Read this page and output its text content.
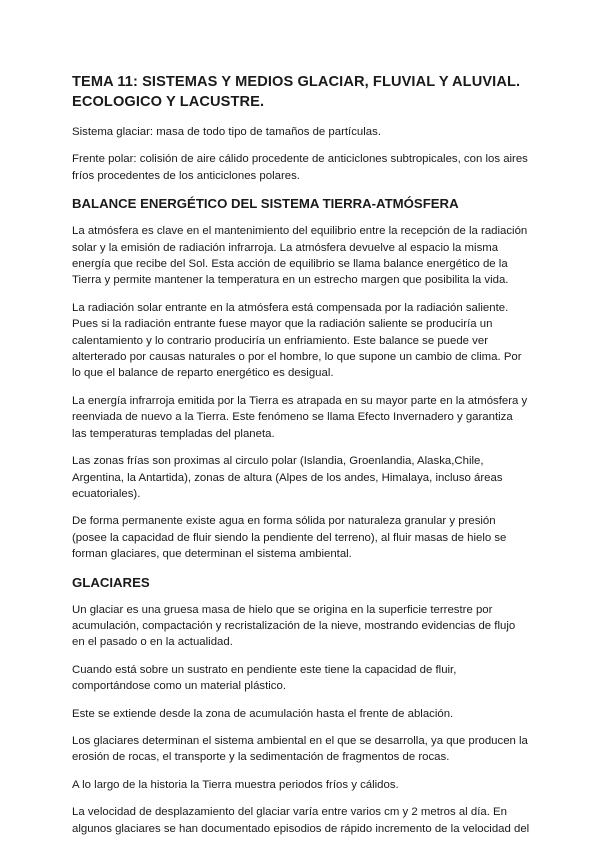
TEMA 11: SISTEMAS Y MEDIOS GLACIAR, FLUVIAL Y ALUVIAL. ECOLOGICO Y LACUSTRE.

Sistema glaciar: masa de todo tipo de tamaños de partículas.

Frente polar: colisión de aire cálido procedente de anticiclones subtropicales, con los aires fríos procedentes de los anticiclones polares.

BALANCE ENERGÉTICO DEL SISTEMA TIERRA-ATMÓSFERA

La atmósfera es clave en el mantenimiento del equilibrio entre la recepción de la radiación solar y la emisión de radiación infrarroja. La atmósfera devuelve al espacio la misma energía que recibe del Sol. Esta acción de equilibrio se llama balance energético de la Tierra y permite mantener la temperatura en un estrecho margen que posibilita la vida.

La radiación solar entrante en la atmósfera está compensada por la radiación saliente. Pues si la radiación entrante fuese mayor que la radiación saliente se produciría un calentamiento y lo contrario produciría un enfriamiento. Este balance se puede ver alterterado por causas naturales o por el hombre, lo que supone un cambio de clima. Por lo que el balance de reparto energético es desigual.

La energía infrarroja emitida por la Tierra es atrapada en su mayor parte en la atmósfera y reenviada de nuevo a la Tierra. Este fenómeno se llama Efecto Invernadero y garantiza las temperaturas templadas del planeta.

Las zonas frías son proximas al circulo polar (Islandia, Groenlandia, Alaska,Chile, Argentina, la Antartida), zonas de altura (Alpes de los andes, Himalaya, incluso áreas ecuatoriales).

De forma permanente existe agua en forma sólida por naturaleza granular y presión (posee la capacidad de fluir siendo la pendiente del terreno), al fluir masas de hielo se forman glaciares, que determinan el sistema ambiental.

GLACIARES

Un glaciar es una gruesa masa de hielo que se origina en la superficie terrestre por acumulación, compactación y recristalización de la nieve, mostrando evidencias de flujo en el pasado o en la actualidad.

Cuando está sobre un sustrato en pendiente este tiene la capacidad de fluir, comportándose como un material plástico.

Este se extiende desde la zona de acumulación hasta el frente de ablación.

Los glaciares determinan el sistema ambiental en el que se desarrolla, ya que producen la erosión de rocas, el transporte y la sedimentación de fragmentos de rocas.

A lo largo de la historia la Tierra muestra periodos fríos y cálidos.

La velocidad de desplazamiento del glaciar varía entre varios cm y 2 metros al día. En algunos glaciares se han documentado episodios de rápido incremento de la velocidad del
